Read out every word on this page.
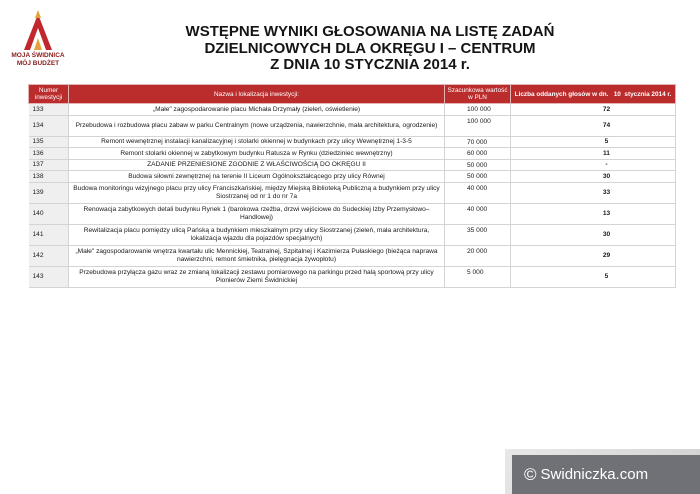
MOJA ŚWIDNICA
MÓJ BUDŻET
WSTĘPNE WYNIKI GŁOSOWANIA NA LISTĘ ZADAŃ
DZIELNICOWYCH DLA OKRĘGU I – CENTRUM
Z DNIA 10 STYCZNIA 2014 r.
Numer inwestycji	Nazwa i lokalizacja inwestycji:	Szacunkowa wartość w PLN	Liczba oddanych głosów w dn. 10 stycznia 2014 r.
133	„Małe" zagospodarowanie placu Michała Drzymały (zieleń, oświetlenie)	100 000	72
134	Przebudowa i rozbudowa placu zabaw w parku Centralnym (nowe urządzenia, nawierzchnie, mała architektura, ogrodzenie)	100 000	74
135	Remont wewnętrznej instalacji kanalizacyjnej i stolarki okiennej w budynkach przy ulicy Wewnętrznej 1-3-5	70 000	5
136	Remont stolarki okiennej w zabytkowym budynku Ratusza w Rynku (dziedziniec wewnętrzny)	60 000	11
137	ZADANIE PRZENIESIONE ZGODNIE Z WŁAŚCIWOŚCIĄ DO OKRĘGU II	50 000	-
138	Budowa siłowni zewnętrznej na terenie II Liceum Ogólnokształcącego przy ulicy Równej	50 000	30
139	Budowa monitoringu wizyjnego placu przy ulicy Franciszkańskiej, między Miejską Biblioteką Publiczną a budynkiem przy ulicy Siostrzanej od nr 1 do nr 7a	40 000	33
140	Renowacja zabytkowych detali budynku Rynek 1 (barokowa rzeźba, drzwi wejściowe do Sudeckiej Izby Przemysłowo–Handlowej)	40 000	13
141	Rewitalizacja placu pomiędzy ulicą Pańską a budynkiem mieszkalnym przy ulicy Siostrzanej (zieleń, mała architektura, lokalizacja wjazdu dla pojazdów specjalnych)	35 000	30
142	„Małe" zagospodarowanie wnętrza kwartału ulic Mennickiej, Teatralnej, Szpitalnej i Kazimierza Pułaskiego (bieżąca naprawa nawierzchni, remont śmietnika, pielęgnacja żywopłotu)	20 000	29
143	Przebudowa przyłącza gazu wraz ze zmianą lokalizacji zestawu pomiarowego na parkingu przed halą sportową przy ulicy Pionierów Ziemi Świdnickiej	5 000	5
© Swidniczka.com
